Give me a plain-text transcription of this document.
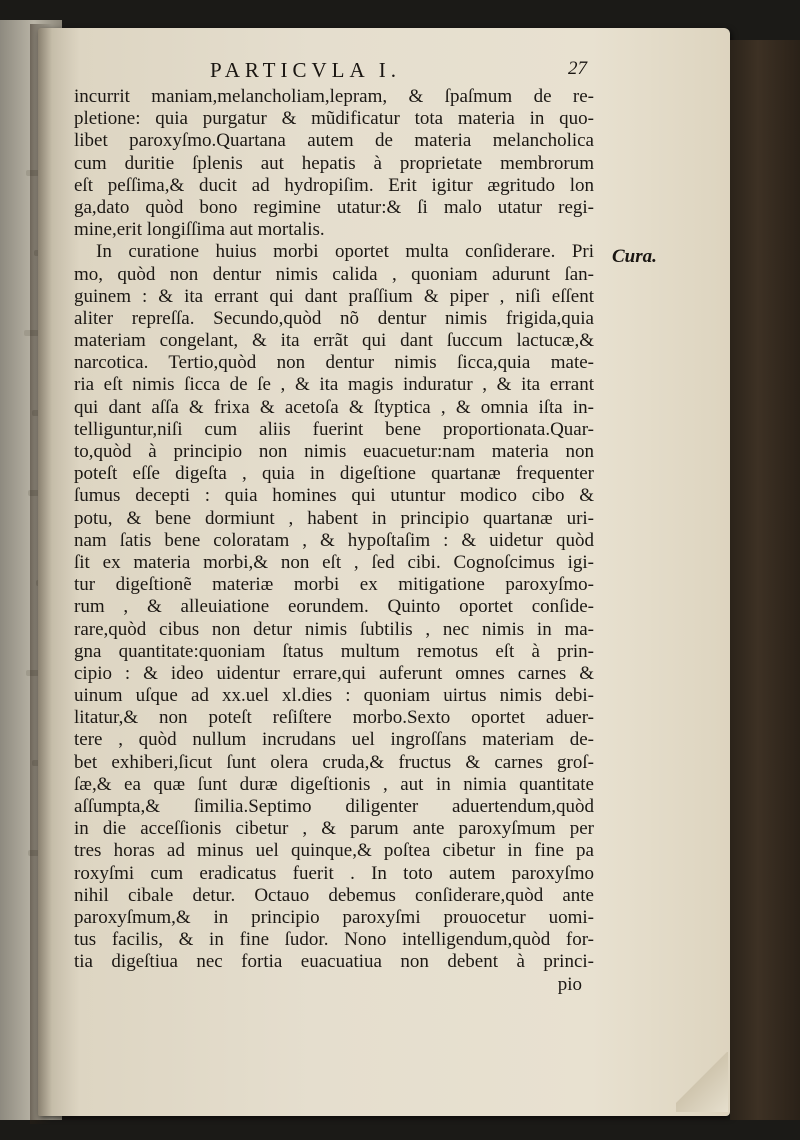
PARTICVLA I.	27
Cura.
incurrit maniam,melancholiam,lepram, & ſpaſmum de re-
pletione: quia purgatur & mũdificatur tota materia in quo-
libet paroxyſmo.Quartana autem de materia melancholica
cum duritie ſplenis aut hepatis à proprietate membrorum
eſt peſſima,& ducit ad hydropiſim. Erit igitur ægritudo lon
ga,dato quòd bono regimine utatur:& ſi malo utatur regi-
mine,erit longiſſima aut mortalis.
In curatione huius morbi oportet multa conſiderare. Pri
mo, quòd non dentur nimis calida , quoniam adurunt ſan-
guinem : & ita errant qui dant praſſium & piper , niſi eſſent
aliter repreſſa. Secundo,quòd nõ dentur nimis frigida,quia
materiam congelant, & ita errãt qui dant ſuccum lactucæ,&
narcotica. Tertio,quòd non dentur nimis ſicca,quia mate-
ria eſt nimis ſicca de ſe , & ita magis induratur , & ita errant
qui dant aſſa & frixa & acetoſa & ſtyptica , & omnia iſta in-
telliguntur,niſi cum aliis fuerint bene proportionata.Quar-
to,quòd à principio non nimis euacuetur:nam materia non
poteſt eſſe digeſta , quia in digeſtione quartanæ frequenter
ſumus decepti : quia homines qui utuntur modico cibo &
potu, & bene dormiunt , habent in principio quartanæ uri-
nam ſatis bene coloratam , & hypoſtaſim : & uidetur quòd
ſit ex materia morbi,& non eſt , ſed cibi. Cognoſcimus igi-
tur digeſtionẽ materiæ morbi ex mitigatione paroxyſmo-
rum , & alleuiatione eorundem. Quinto oportet conſide-
rare,quòd cibus non detur nimis ſubtilis , nec nimis in ma-
gna quantitate:quoniam ſtatus multum remotus eſt à prin-
cipio : & ideo uidentur errare,qui auferunt omnes carnes &
uinum uſque ad xx.uel xl.dies : quoniam uirtus nimis debi-
litatur,& non poteſt reſiſtere morbo.Sexto oportet aduer-
tere , quòd nullum incrudans uel ingroſſans materiam de-
bet exhiberi,ſicut ſunt olera cruda,& fructus & carnes groſ-
ſæ,& ea quæ ſunt duræ digeſtionis , aut in nimia quantitate
aſſumpta,& ſimilia.Septimo diligenter aduertendum,quòd
in die acceſſionis cibetur , & parum ante paroxyſmum per
tres horas ad minus uel quinque,& poſtea cibetur in fine pa
roxyſmi cum eradicatus fuerit . In toto autem paroxyſmo
nihil cibale detur. Octauo debemus conſiderare,quòd ante
paroxyſmum,& in principio paroxyſmi prouocetur uomi-
tus facilis, & in fine ſudor. Nono intelligendum,quòd for-
tia digeſtiua nec fortia euacuatiua non debent à princi-
pio
